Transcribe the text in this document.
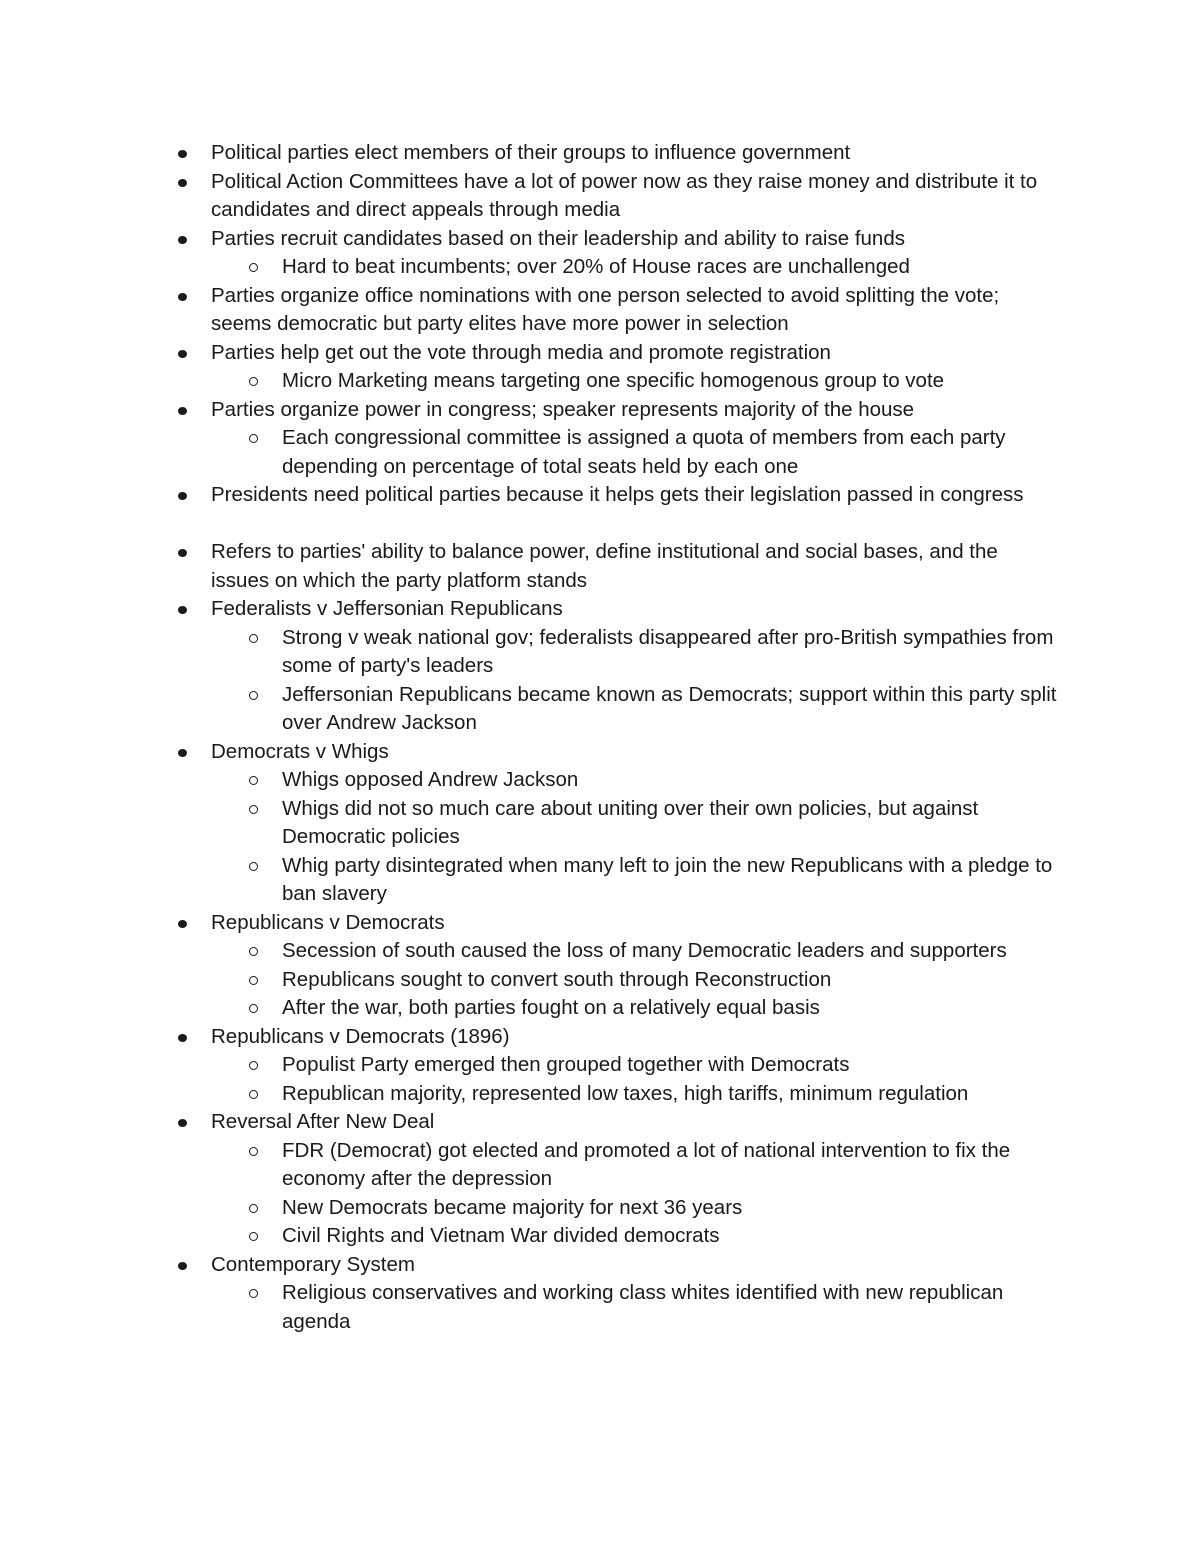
Political parties elect members of their groups to influence government
Political Action Committees have a lot of power now as they raise money and distribute it to candidates and direct appeals through media
Parties recruit candidates based on their leadership and ability to raise funds
Hard to beat incumbents; over 20% of House races are unchallenged
Parties organize office nominations with one person selected to avoid splitting the vote; seems democratic but party elites have more power in selection
Parties help get out the vote through media and promote registration
Micro Marketing means targeting one specific homogenous group to vote
Parties organize power in congress; speaker represents majority of the house
Each congressional committee is assigned a quota of members from each party depending on percentage of total seats held by each one
Presidents need political parties because it helps gets their legislation passed in congress
Refers to parties' ability to balance power, define institutional and social bases, and the issues on which the party platform stands
Federalists v Jeffersonian Republicans
Strong v weak national gov; federalists disappeared after pro-British sympathies from some of party's leaders
Jeffersonian Republicans became known as Democrats; support within this party split over Andrew Jackson
Democrats v Whigs
Whigs opposed Andrew Jackson
Whigs did not so much care about uniting over their own policies, but against Democratic policies
Whig party disintegrated when many left to join the new Republicans with a pledge to ban slavery
Republicans v Democrats
Secession of south caused the loss of many Democratic leaders and supporters
Republicans sought to convert south through Reconstruction
After the war, both parties fought on a relatively equal basis
Republicans v Democrats (1896)
Populist Party emerged then grouped together with Democrats
Republican majority, represented low taxes, high tariffs, minimum regulation
Reversal After New Deal
FDR (Democrat) got elected and promoted a lot of national intervention to fix the economy after the depression
New Democrats became majority for next 36 years
Civil Rights and Vietnam War divided democrats
Contemporary System
Religious conservatives and working class whites identified with new republican agenda
